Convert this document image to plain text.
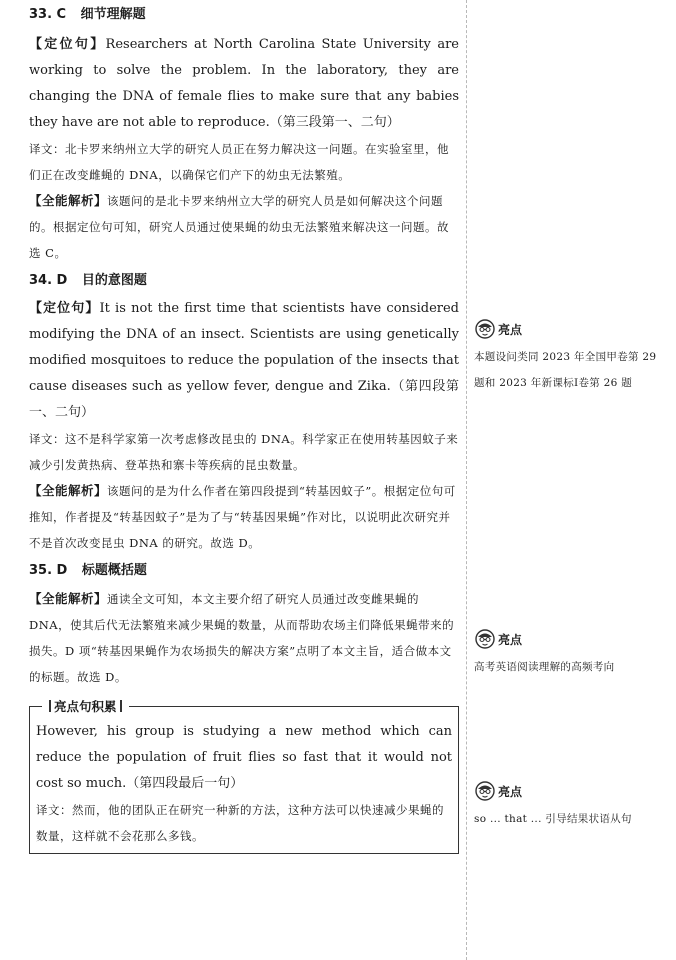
33. C 细节理解题

【定位句】Researchers at North Carolina State University are working to solve the problem. In the laboratory, they are changing the DNA of female flies to make sure that any babies they have are not able to reproduce.（第三段第一、二句）

译文：北卡罗来纳州立大学的研究人员正在努力解决这一问题。在实验室里，他们正在改变雌蝇的 DNA，以确保它们产下的幼虫无法繁殖。

【全能解析】该题问的是北卡罗来纳州立大学的研究人员是如何解决这个问题的。根据定位句可知，研究人员通过使果蝇的幼虫无法繁殖来解决这一问题。故选 C。

34. D 目的意图题

【定位句】It is not the first time that scientists have considered modifying the DNA of an insect. Scientists are using genetically modified mosquitoes to reduce the population of the insects that cause diseases such as yellow fever, dengue and Zika.（第四段第一、二句）

译文：这不是科学家第一次考虑修改昆虫的 DNA。科学家正在使用转基因蚊子来减少引发黄热病、登革热和寨卡等疾病的昆虫数量。

【全能解析】该题问的是为什么作者在第四段提到“转基因蚊子”。根据定位句可推知，作者提及“转基因蚊子”是为了与“转基因果蝇”作对比，以说明此次研究并不是首次改变昆虫 DNA 的研究。故选 D。

35. D 标题概括题

【全能解析】通读全文可知，本文主要介绍了研究人员通过改变雌果蝇的 DNA，使其后代无法繁殖来减少果蝇的数量，从而帮助农场主们降低果蝇带来的损失。D 项“转基因果蝇作为农场损失的解决方案”点明了本文主旨，适合做本文的标题。故选 D。

亮点句积累

However, his group is studying a new method which can reduce the population of fruit flies so fast that it would not cost so much.（第四段最后一句）

译文：然而，他的团队正在研究一种新的方法，这种方法可以快速减少果蝇的数量，这样就不会花那么多钱。

亮点

本题设问类同 2023 年全国甲卷第 29 题和 2023 年新课标Ⅰ卷第 26 题

亮点

高考英语阅读理解的高频考向

亮点

so ... that ... 引导结果状语从句
